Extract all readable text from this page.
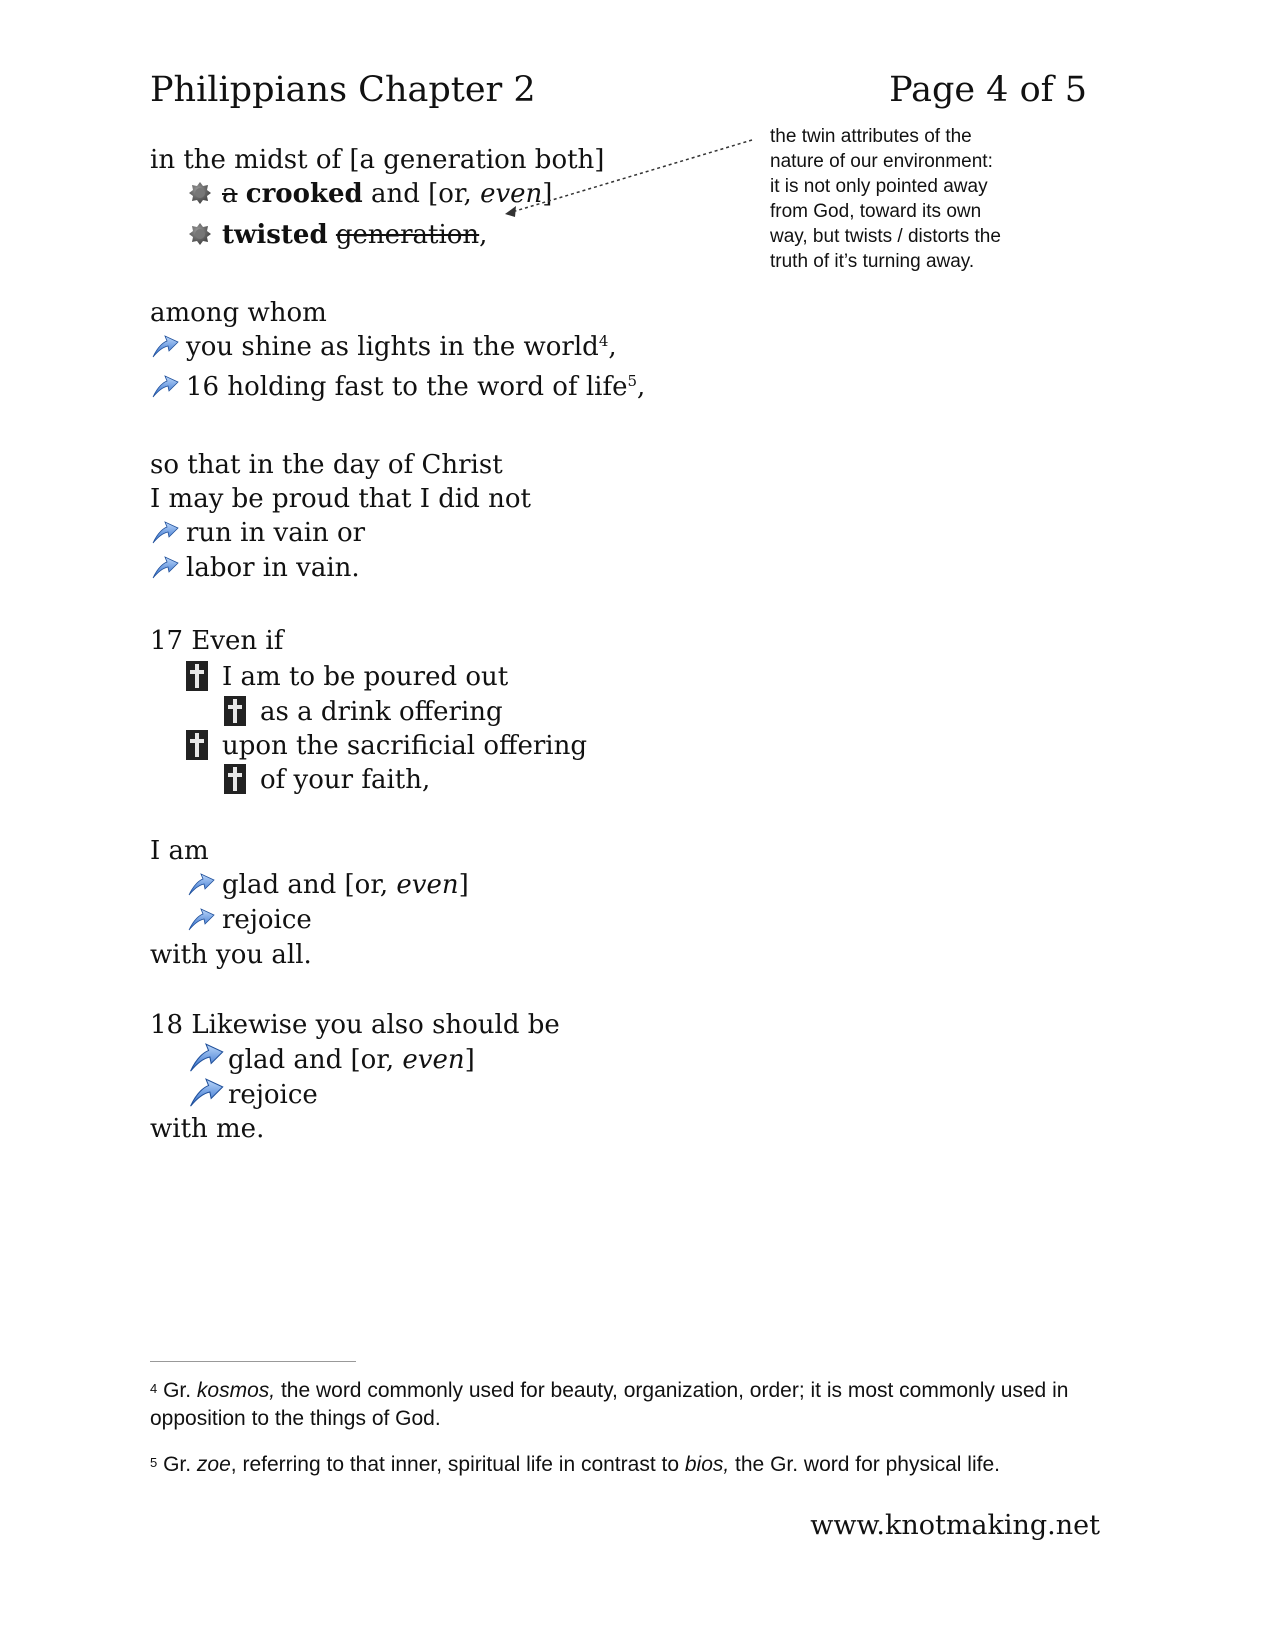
Philippians Chapter 2	Page 4 of 5
in the midst of [a generation both]
a crooked and [or, even]
twisted generation,
among whom
you shine as lights in the world$^4$,
16 holding fast to the word of life$^5$,
so that in the day of Christ
I may be proud that I did not
run in vain or
labor in vain.
17 Even if
I am to be poured out
as a drink offering
upon the sacrificial offering
of your faith,
I am
glad and [or, even]
rejoice
with you all.
18 Likewise you also should be
glad and [or, even]
rejoice
with me.
the twin attributes of the
nature of our environment:
it is not only pointed away
from God, toward its own
way, but twists / distorts the
truth of it’s turning away.
$^4$ Gr. kosmos, the word commonly used for beauty, organization, order; it is most commonly used in opposition to the things of God.
$^5$ Gr. zoe, referring to that inner, spiritual life in contrast to bios, the Gr. word for physical life.
www.knotmaking.net
